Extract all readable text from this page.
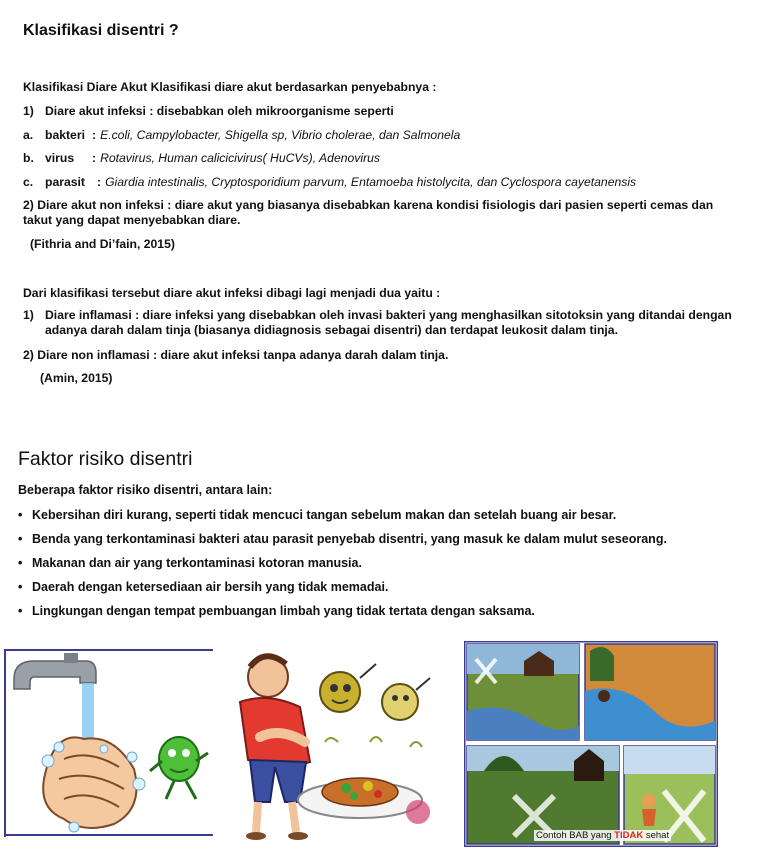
Klasifikasi disentri ?
Klasifikasi Diare Akut Klasifikasi diare akut berdasarkan penyebabnya :
1) Diare akut infeksi : disebabkan oleh mikroorganisme seperti
a. bakteri : E.coli, Campylobacter, Shigella sp, Vibrio cholerae, dan Salmonela
b. virus : Rotavirus, Human calicicivirus( HuCVs), Adenovirus
c. parasit : Giardia intestinalis, Cryptosporidium parvum, Entamoeba histolycita, dan Cyclospora cayetanensis
2) Diare akut non infeksi : diare akut yang biasanya disebabkan karena kondisi fisiologis dari pasien seperti cemas dan takut yang dapat menyebabkan diare.
(Fithria and Di’fain, 2015)
Dari klasifikasi tersebut diare akut infeksi dibagi lagi menjadi dua yaitu :
1) Diare inflamasi : diare infeksi yang disebabkan oleh invasi bakteri yang menghasilkan sitotoksin yang ditandai dengan adanya darah dalam tinja (biasanya didiagnosis sebagai disentri) dan terdapat leukosit dalam tinja.
2) Diare non inflamasi : diare akut infeksi tanpa adanya darah dalam tinja.
(Amin, 2015)
Faktor risiko disentri
Beberapa faktor risiko disentri, antara lain:
• Kebersihan diri kurang, seperti tidak mencuci tangan sebelum makan dan setelah buang air besar.
• Benda yang terkontaminasi bakteri atau parasit penyebab disentri, yang masuk ke dalam mulut seseorang.
• Makanan dan air yang terkontaminasi kotoran manusia.
• Daerah dengan ketersediaan air bersih yang tidak memadai.
• Lingkungan dengan tempat pembuangan limbah yang tidak tertata dengan saksama.
Contoh BAB yang TIDAK sehat
